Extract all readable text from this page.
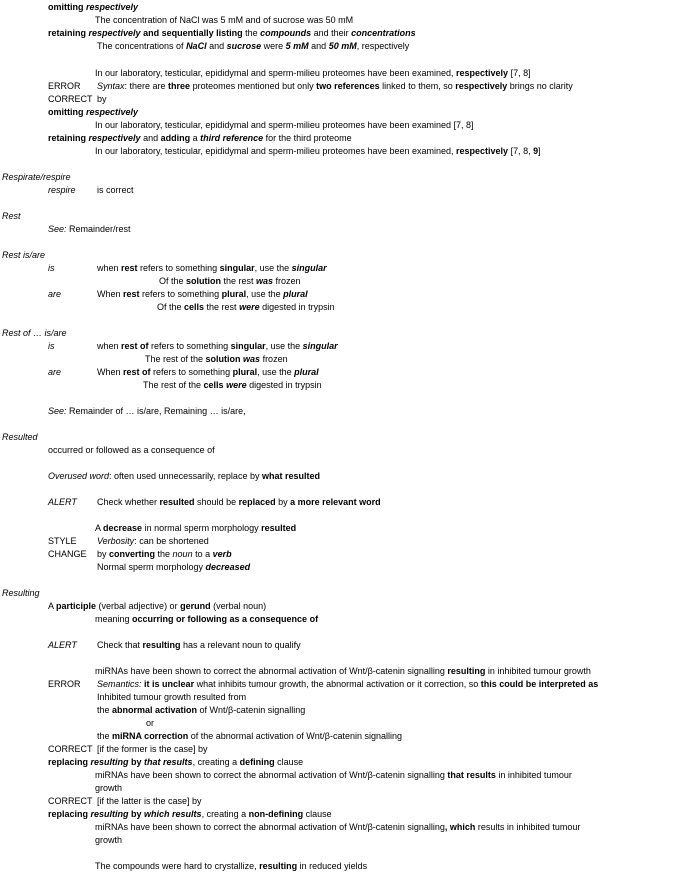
omitting respectively
The concentration of NaCl was 5 mM and of sucrose was 50 mM
retaining respectively and sequentially listing the compounds and their concentrations
The concentrations of NaCl and sucrose were 5 mM and 50 mM, respectively
In our laboratory, testicular, epididymal and sperm-milieu proteomes have been examined, respectively [7, 8]
ERROR Syntax: there are three proteomes mentioned but only two references linked to them, so respectively brings no clarity
CORRECT by
omitting respectively
In our laboratory, testicular, epididymal and sperm-milieu proteomes have been examined [7, 8]
retaining respectively and adding a third reference for the third proteome
In our laboratory, testicular, epididymal and sperm-milieu proteomes have been examined, respectively [7, 8, 9]
Respirate/respire
respire is correct
Rest
See: Remainder/rest
Rest is/are
is	when rest refers to something singular, use the singular
Of the solution the rest was frozen
are	When rest refers to something plural, use the plural
Of the cells the rest were digested in trypsin
Rest of … is/are
is	when rest of refers to something singular, use the singular
The rest of the solution was frozen
are	When rest of refers to something plural, use the plural
The rest of the cells were digested in trypsin
See: Remainder of … is/are, Remaining … is/are,
Resulted
occurred or followed as a consequence of
Overused word: often used unnecessarily, replace by what resulted
ALERT Check whether resulted should be replaced by a more relevant word
A decrease in normal sperm morphology resulted
STYLE Verbosity: can be shortened
CHANGE by converting the noun to a verb
Normal sperm morphology decreased
Resulting
A participle (verbal adjective) or gerund (verbal noun)
meaning occurring or following as a consequence of
ALERT Check that resulting has a relevant noun to qualify
miRNAs have been shown to correct the abnormal activation of Wnt/β-catenin signalling resulting in inhibited tumour growth
ERROR Semantics: it is unclear what inhibits tumour growth, the abnormal activation or it correction, so this could be interpreted as
Inhibited tumour growth resulted from
the abnormal activation of Wnt/β-catenin signalling
or
the miRNA correction of the abnormal activation of Wnt/β-catenin signalling
CORRECT [if the former is the case] by
replacing resulting by that results, creating a defining clause
miRNAs have been shown to correct the abnormal activation of Wnt/β-catenin signalling that results in inhibited tumour
growth
CORRECT [if the latter is the case] by
replacing resulting by which results, creating a non-defining clause
miRNAs have been shown to correct the abnormal activation of Wnt/β-catenin signalling, which results in inhibited tumour
growth
The compounds were hard to crystallize, resulting in reduced yields
